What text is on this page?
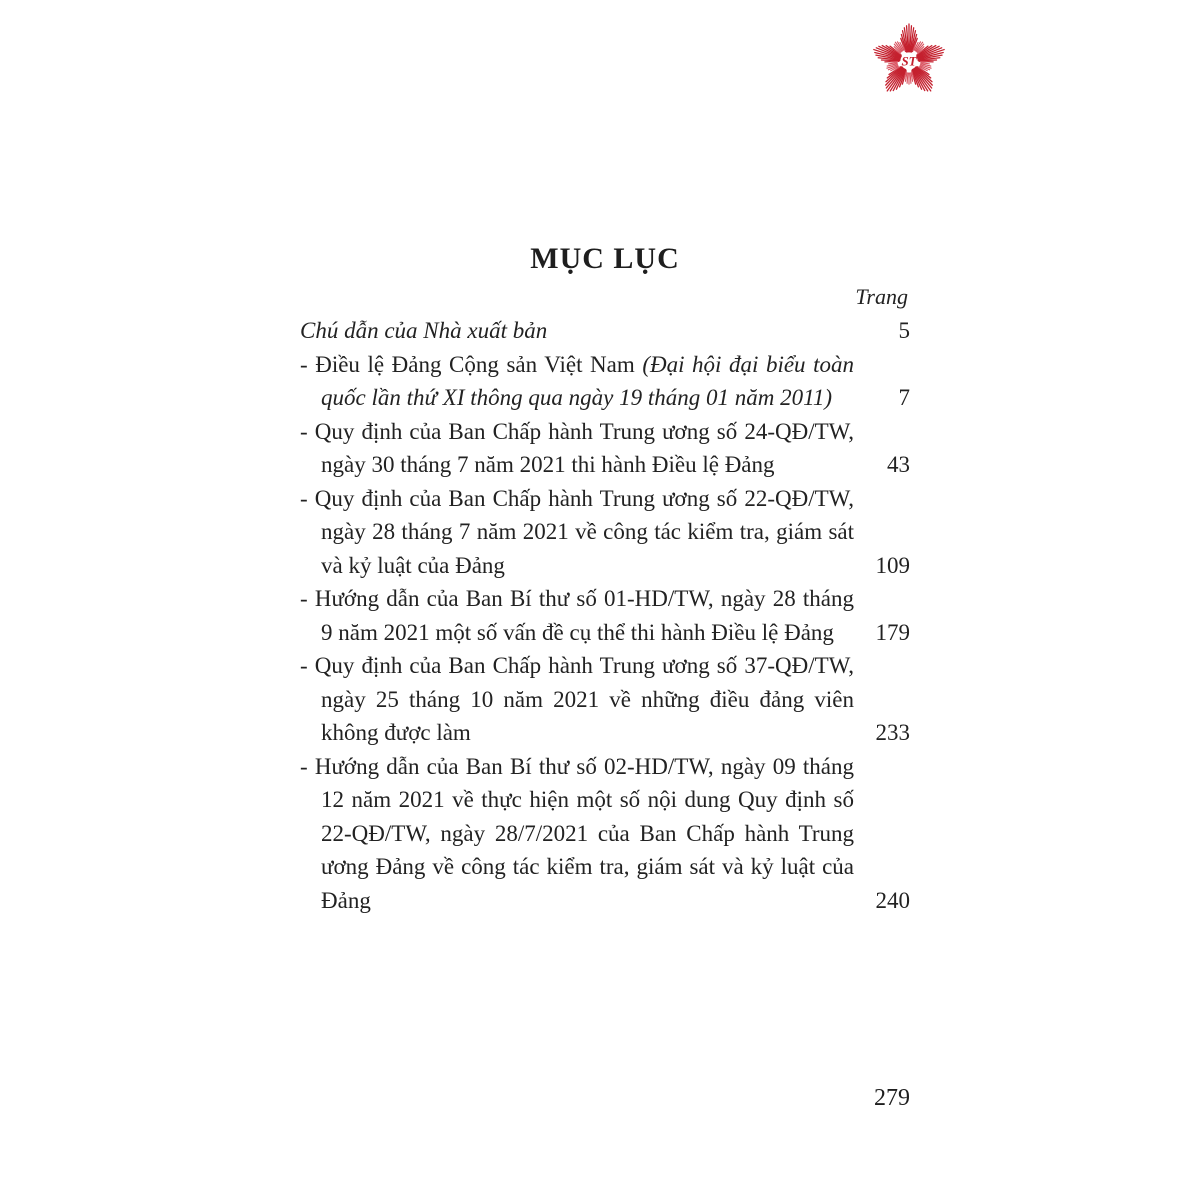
ST
MỤC LỤC
Trang
Chú dẫn của Nhà xuất bản	5
- Điều lệ Đảng Cộng sản Việt Nam (Đại hội đại biểu toàn quốc lần thứ XI thông qua ngày 19 tháng 01 năm 2011)	7
- Quy định của Ban Chấp hành Trung ương số 24-QĐ/TW, ngày 30 tháng 7 năm 2021 thi hành Điều lệ Đảng	43
- Quy định của Ban Chấp hành Trung ương số 22-QĐ/TW, ngày 28 tháng 7 năm 2021 về công tác kiểm tra, giám sát và kỷ luật của Đảng	109
- Hướng dẫn của Ban Bí thư số 01-HD/TW, ngày 28 tháng 9 năm 2021 một số vấn đề cụ thể thi hành Điều lệ Đảng 179
- Quy định của Ban Chấp hành Trung ương số 37-QĐ/TW, ngày 25 tháng 10 năm 2021 về những điều đảng viên không được làm	233
- Hướng dẫn của Ban Bí thư số 02-HD/TW, ngày 09 tháng 12 năm 2021 về thực hiện một số nội dung Quy định số 22-QĐ/TW, ngày 28/7/2021 của Ban Chấp hành Trung ương Đảng về công tác kiểm tra, giám sát và kỷ luật của Đảng	240
279
